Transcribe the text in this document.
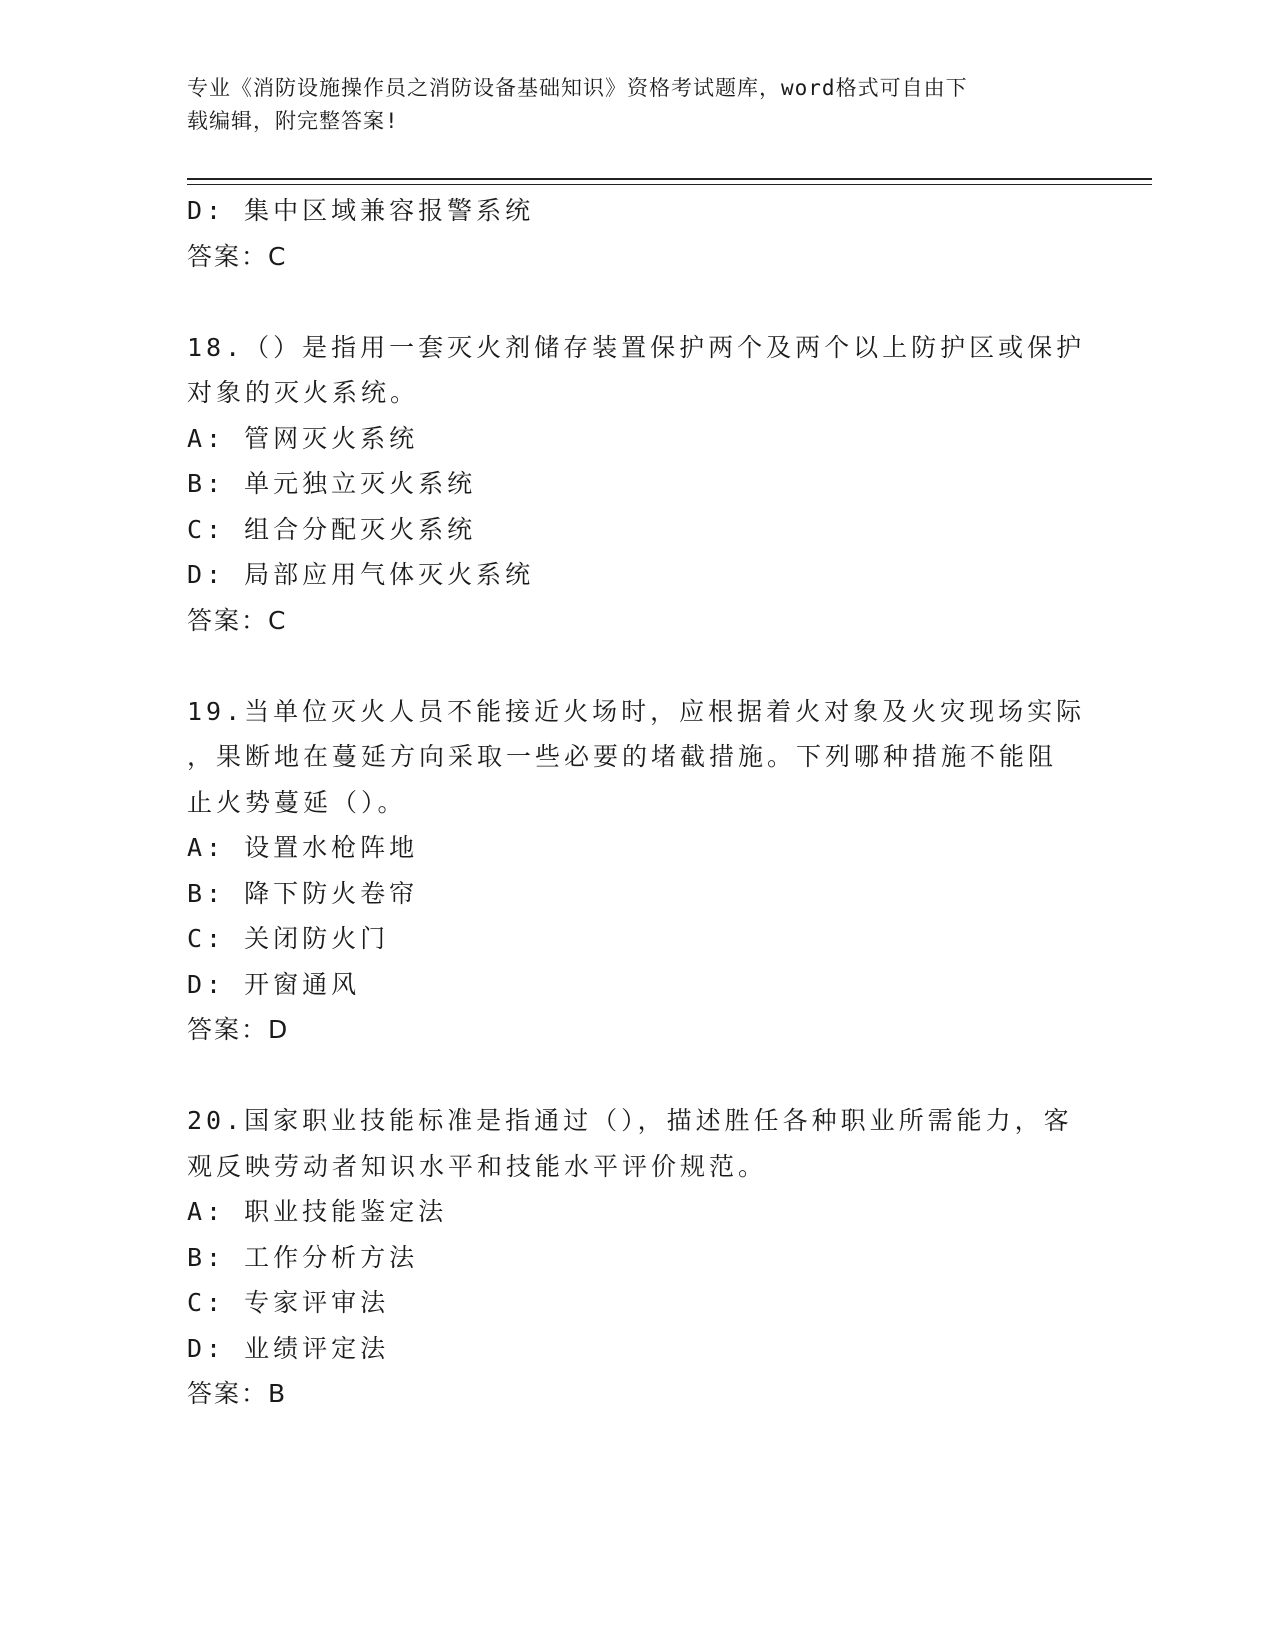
专业《消防设施操作员之消防设备基础知识》资格考试题库，word格式可自由下
载编辑，附完整答案!
D: 集中区域兼容报警系统
答案：C
18.（）是指用一套灭火剂储存装置保护两个及两个以上防护区或保护
对象的灭火系统。
A: 管网灭火系统
B: 单元独立灭火系统
C: 组合分配灭火系统
D: 局部应用气体灭火系统
答案：C
19.当单位灭火人员不能接近火场时，应根据着火对象及火灾现场实际
，果断地在蔓延方向采取一些必要的堵截措施。下列哪种措施不能阻
止火势蔓延（）。
A: 设置水枪阵地
B: 降下防火卷帘
C: 关闭防火门
D: 开窗通风
答案：D
20.国家职业技能标准是指通过（），描述胜任各种职业所需能力，客
观反映劳动者知识水平和技能水平评价规范。
A: 职业技能鉴定法
B: 工作分析方法
C: 专家评审法
D: 业绩评定法
答案：B
